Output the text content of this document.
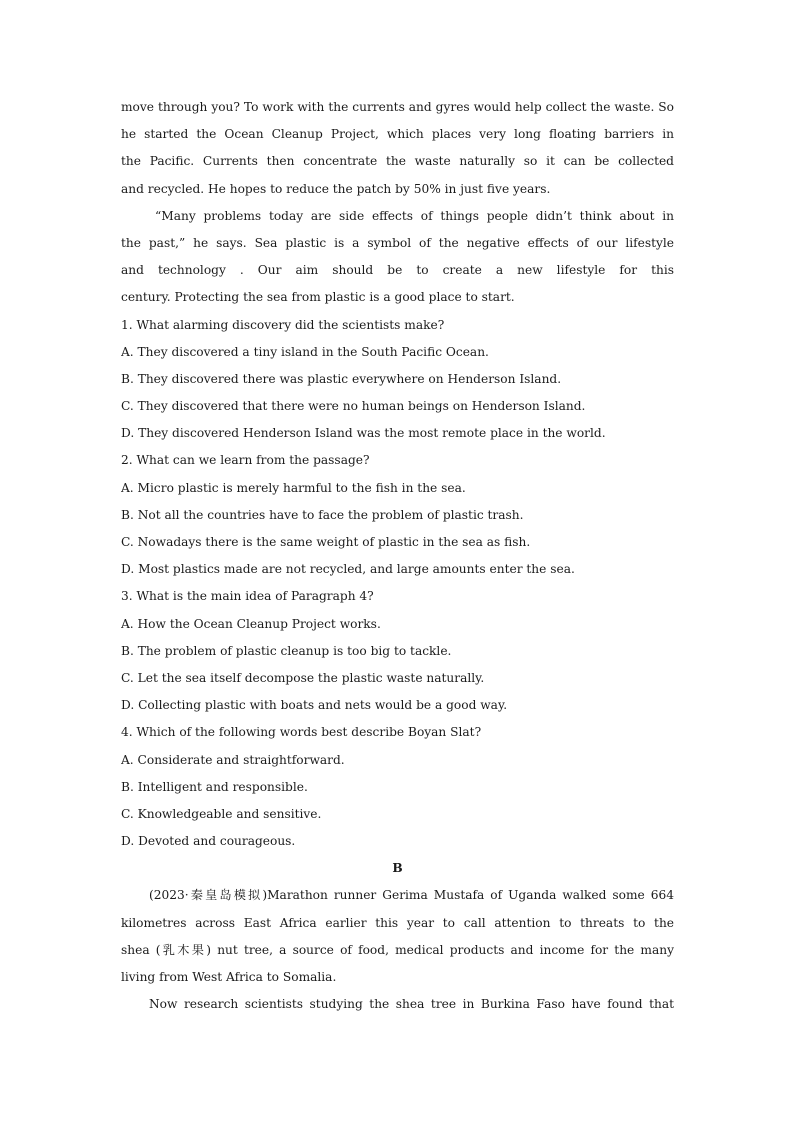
move through you? To work with the currents and gyres would help collect the waste. So
he started the Ocean Cleanup Project, which places very long floating barriers in
the Pacific. Currents then concentrate the waste naturally so it can be collected
and recycled. He hopes to reduce the patch by 50% in just five years.
“Many problems today are side effects of things people didn’t think about in
the past,” he says. Sea plastic is a symbol of the negative effects of our lifestyle
and technology . Our aim should be to create a new lifestyle for this
century. Protecting the sea from plastic is a good place to start.
1. What alarming discovery did the scientists make?
A. They discovered a tiny island in the South Pacific Ocean.
B. They discovered there was plastic everywhere on Henderson Island.
C. They discovered that there were no human beings on Henderson Island.
D. They discovered Henderson Island was the most remote place in the world.
2. What can we learn from the passage?
A. Micro plastic is merely harmful to the fish in the sea.
B. Not all the countries have to face the problem of plastic trash.
C. Nowadays there is the same weight of plastic in the sea as fish.
D. Most plastics made are not recycled, and large amounts enter the sea.
3. What is the main idea of Paragraph 4?
A. How the Ocean Cleanup Project works.
B. The problem of plastic cleanup is too big to tackle.
C. Let the sea itself decompose the plastic waste naturally.
D. Collecting plastic with boats and nets would be a good way.
4. Which of the following words best describe Boyan Slat?
A. Considerate and straightforward.
B. Intelligent and responsible.
C. Knowledgeable and sensitive.
D. Devoted and courageous.
B
(2023·秦皇岛模拟)Marathon runner Gerima Mustafa of Uganda walked some 664
kilometres across East Africa earlier this year to call attention to threats to the
shea (乳木果) nut tree, a source of food, medical products and income for the many
living from West Africa to Somalia.
Now research scientists studying the shea tree in Burkina Faso have found that
